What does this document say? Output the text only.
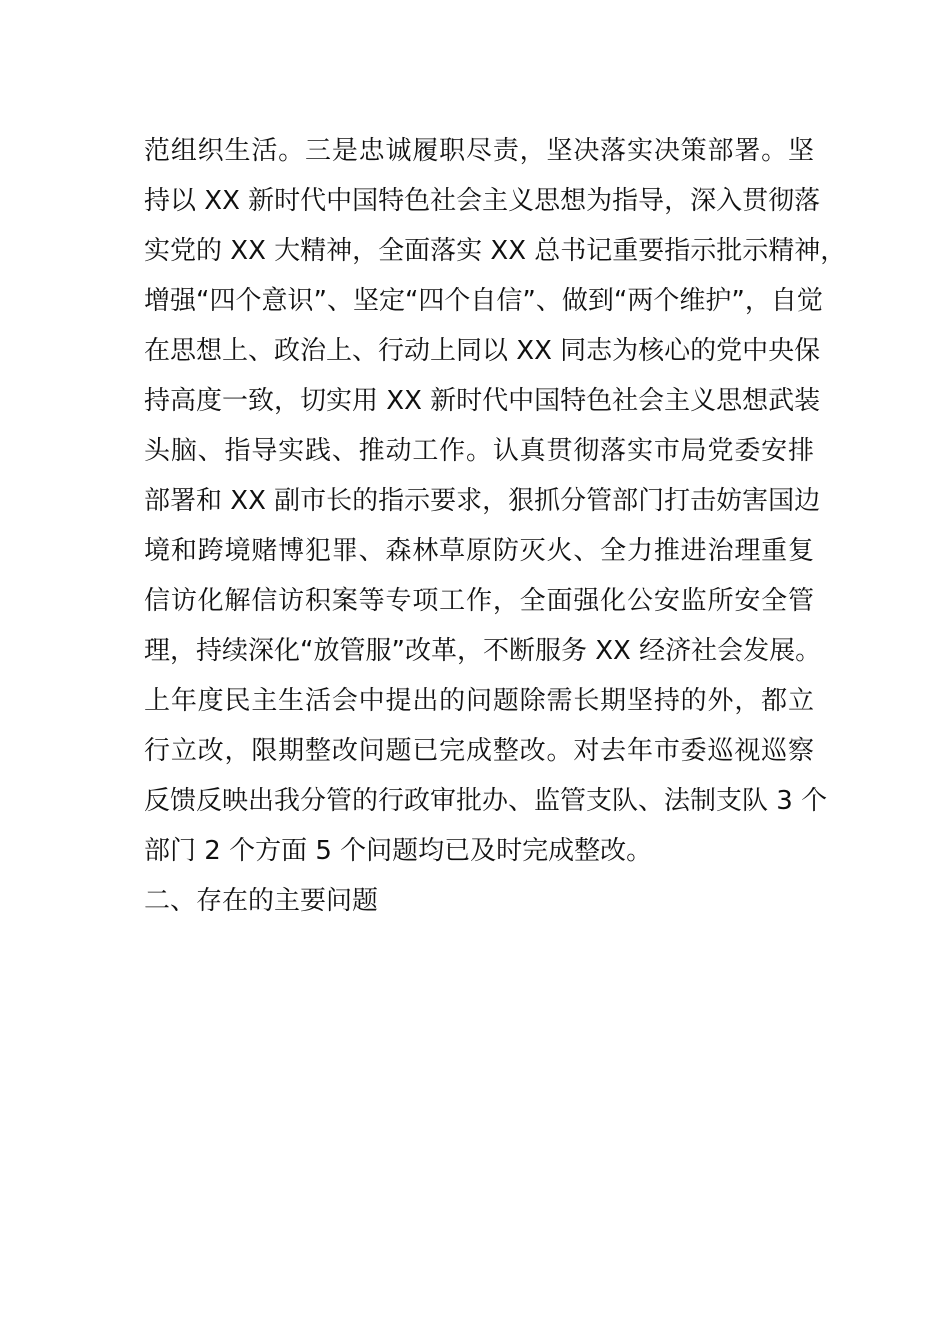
范组织生活。三是忠诚履职尽责，坚决落实决策部署。坚
持以 XX 新时代中国特色社会主义思想为指导，深入贯彻落
实党的 XX 大精神，全面落实 XX 总书记重要指示批示精神，
增强“四个意识”、坚定“四个自信”、做到“两个维护”，自觉
在思想上、政治上、行动上同以 XX 同志为核心的党中央保
持高度一致，切实用 XX 新时代中国特色社会主义思想武装
头脑、指导实践、推动工作。认真贯彻落实市局党委安排
部署和 XX 副市长的指示要求，狠抓分管部门打击妨害国边
境和跨境赌博犯罪、森林草原防灭火、全力推进治理重复
信访化解信访积案等专项工作，全面强化公安监所安全管
理，持续深化“放管服”改革，不断服务 XX 经济社会发展。
上年度民主生活会中提出的问题除需长期坚持的外，都立
行立改，限期整改问题已完成整改。对去年市委巡视巡察
反馈反映出我分管的行政审批办、监管支队、法制支队 3 个
部门 2 个方面 5 个问题均已及时完成整改。
二、存在的主要问题
